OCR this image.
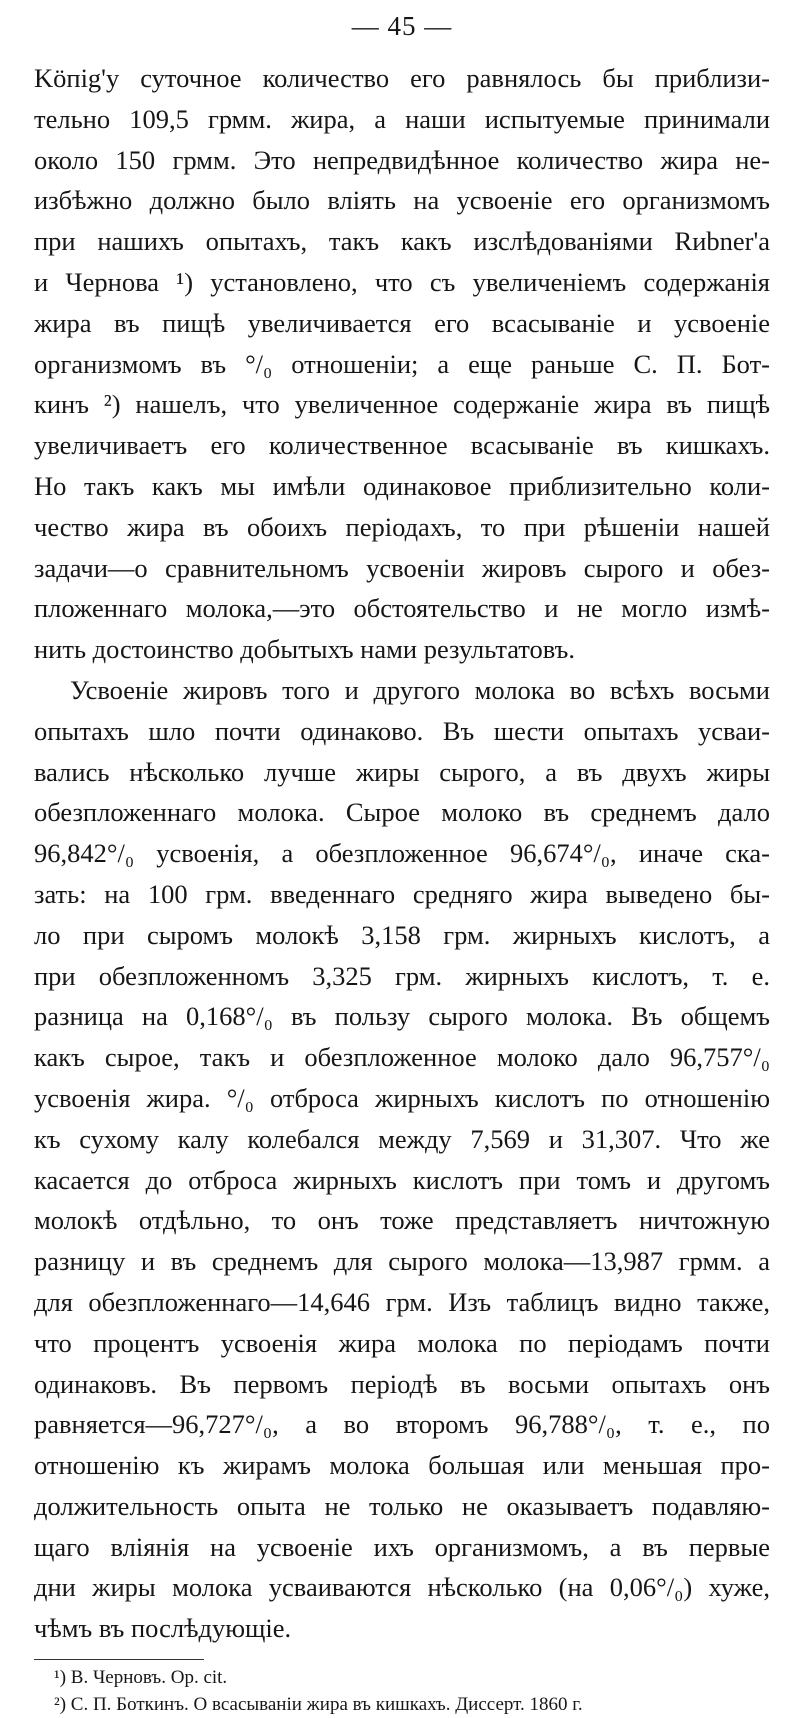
— 45 —
Köпig'у суточное количество его равнялось бы приблизи-
тельно 109,5 грмм. жира, а наши испытуемые принимали
около 150 грмм. Это непредвидѣнное количество жира не-
избѣжно должно было влiять на усвоенiе его организмомъ
при нашихъ опытахъ, такъ какъ изслѣдованiями Rиbner'а
и Чернова ¹) установлено, что съ увеличенiемъ содержанiя
жира въ пищѣ увеличивается его всасыванiе и усвоенiе
организмомъ въ °/₀ отношенiи; а еще раньше С. П. Бот-
кинъ ²) нашелъ, что увеличенное содержанiе жира въ пищѣ
увеличиваетъ его количественное всасыванiе въ кишкахъ.
Но такъ какъ мы имѣли одинаковое приблизительно коли-
чество жира въ обоихъ перiодахъ, то при рѣшенiи нашей
задачи—о сравнительномъ усвоенiи жировъ сырого и обез-
пложеннаго молока,—это обстоятельство и не могло измѣ-
нить достоинство добытыхъ нами результатовъ.
Усвоенiе жировъ того и другого молока во всѣхъ восьми
опытахъ шло почти одинаково. Въ шести опытахъ усваи-
вались нѣсколько лучше жиры сырого, а въ двухъ жиры
обезпложеннаго молока. Сырое молоко въ среднемъ дало
96,842°/₀ усвоенiя, а обезпложенное 96,674°/₀, иначе ска-
зать: на 100 грм. введеннаго средняго жира выведено бы-
ло при сыромъ молокѣ 3,158 грм. жирныхъ кислотъ, а
при обезпложенномъ 3,325 грм. жирныхъ кислотъ, т. е.
разница на 0,168°/₀ въ пользу сырого молока. Въ общемъ
какъ сырое, такъ и обезпложенное молоко дало 96,757°/₀
усвоенiя жира. °/₀ отброса жирныхъ кислотъ по отношенiю
къ сухому калу колебался между 7,569 и 31,307. Что же
касается до отброса жирныхъ кислотъ при томъ и другомъ
молокѣ отдѣльно, то онъ тоже представляетъ ничтожную
разницу и въ среднемъ для сырого молока—13,987 грмм. а
для обезпложеннаго—14,646 грм. Изъ таблицъ видно также,
что процентъ усвоенiя жира молока по перiодамъ почти
одинаковъ. Въ первомъ перiодѣ въ восьми опытахъ онъ
равняется—96,727°/₀, а во второмъ 96,788°/₀, т. е., по
отношенiю къ жирамъ молока большая или меньшая про-
должительность опыта не только не оказываетъ подавляю-
щаго влiянiя на усвоенiе ихъ организмомъ, а въ первые
дни жиры молока усваиваются нѣсколько (на 0,06°/₀) хуже,
чѣмъ въ послѣдующiе.
¹) В. Черновъ. Op. cit.
²) С. П. Боткинъ. О всасыванiи жира въ кишкахъ. Диссерт. 1860 г.
